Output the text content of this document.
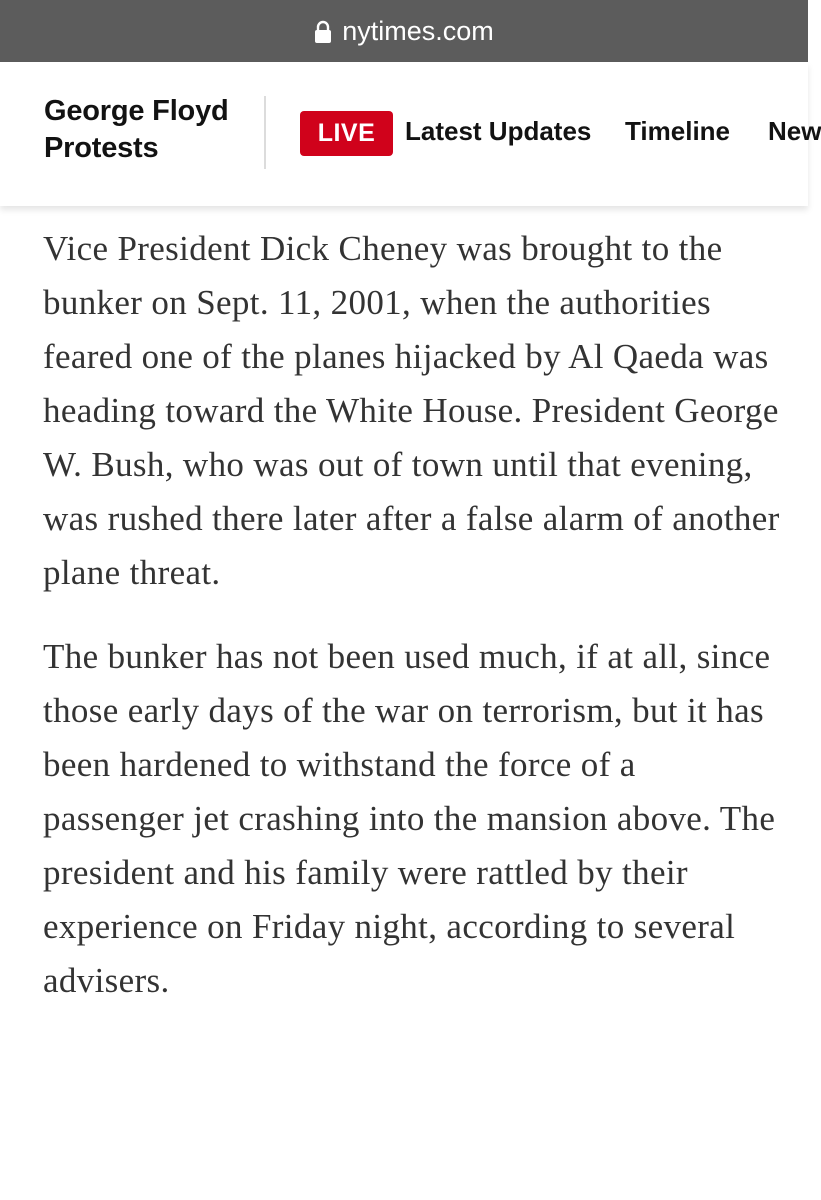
nytimes.com
George Floyd
Protests	LIVE	Latest Updates Timeline New

Vice President Dick Cheney was brought to the bunker on Sept. 11, 2001, when the authorities feared one of the planes hijacked by Al Qaeda was heading toward the White House. President George W. Bush, who was out of town until that evening, was rushed there later after a false alarm of another plane threat.

The bunker has not been used much, if at all, since those early days of the war on terrorism, but it has been hardened to withstand the force of a passenger jet crashing into the mansion above. The president and his family were rattled by their experience on Friday night, according to several advisers.
